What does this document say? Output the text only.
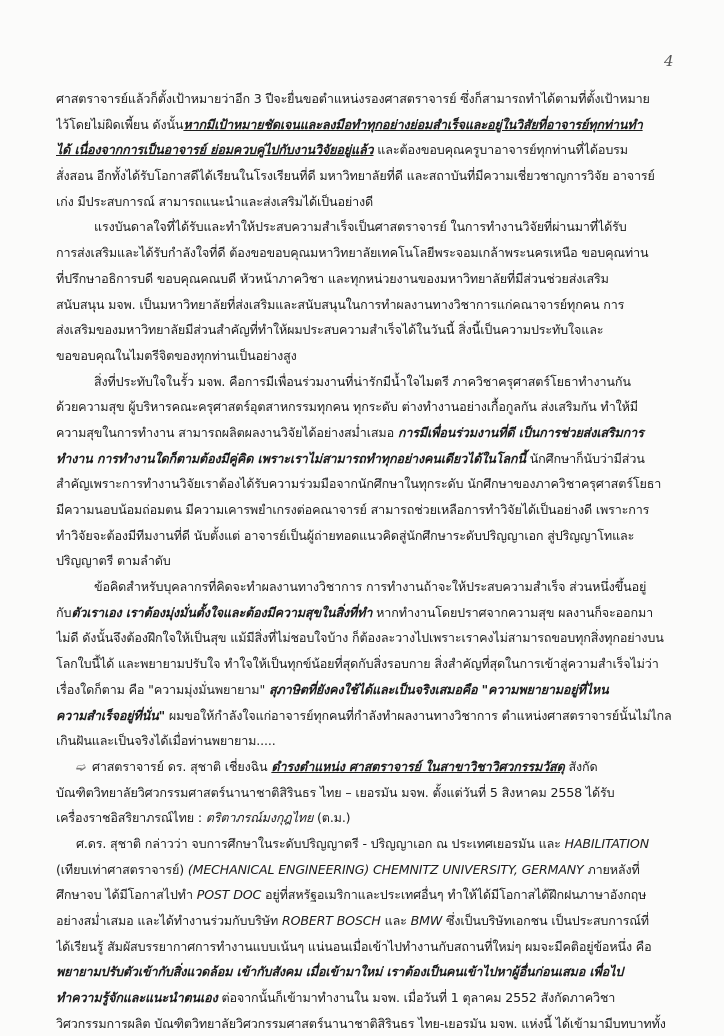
4
ศาสตราจารย์แล้วก็ตั้งเป้าหมายว่าอีก 3 ปีจะยื่นขอตำแหน่งรองศาสตราจารย์ ซึ่งก็สามารถทำได้ตามที่ตั้งเป้าหมาย
ไว้โดยไม่ผิดเพี้ยน ดังนั้นหากมีเป้าหมายชัดเจนและลงมือทำทุกอย่างย่อมสำเร็จและอยู่ในวิสัยที่อาจารย์ทุกท่านทำ
ได้ เนื่องจากการเป็นอาจารย์ ย่อมควบคู่ไปกับงานวิจัยอยู่แล้ว และต้องขอบคุณครูบาอาจารย์ทุกท่านที่ได้อบรม
สั่งสอน อีกทั้งได้รับโอกาสดีได้เรียนในโรงเรียนที่ดี มหาวิทยาลัยที่ดี และสถาบันที่มีความเชี่ยวชาญการวิจัย อาจารย์
เก่ง มีประสบการณ์ สามารถแนะนำและส่งเสริมได้เป็นอย่างดี
แรงบันดาลใจที่ได้รับและทำให้ประสบความสำเร็จเป็นศาสตราจารย์ ในการทำงานวิจัยที่ผ่านมาที่ได้รับ
การส่งเสริมและได้รับกำลังใจที่ดี ต้องขอขอบคุณมหาวิทยาลัยเทคโนโลยีพระจอมเกล้าพระนครเหนือ ขอบคุณท่าน
ที่ปรึกษาอธิการบดี ขอบคุณคณบดี หัวหน้าภาควิชา และทุกหน่วยงานของมหาวิทยาลัยที่มีส่วนช่วยส่งเสริม
สนับสนุน มจพ. เป็นมหาวิทยาลัยที่ส่งเสริมและสนับสนุนในการทำผลงานทางวิชาการแก่คณาจารย์ทุกคน การ
ส่งเสริมของมหาวิทยาลัยมีส่วนสำคัญที่ทำให้ผมประสบความสำเร็จได้ในวันนี้ สิ่งนี้เป็นความประทับใจและ
ขอขอบคุณในไมตรีจิตของทุกท่านเป็นอย่างสูง
สิ่งที่ประทับใจในรั้ว มจพ. คือการมีเพื่อนร่วมงานที่น่ารักมีน้ำใจไมตรี ภาควิชาครุศาสตร์โยธาทำงานกัน
ด้วยความสุข ผู้บริหารคณะครุศาสตร์อุตสาหกรรมทุกคน ทุกระดับ ต่างทำงานอย่างเกื้อกูลกัน ส่งเสริมกัน ทำให้มี
ความสุขในการทำงาน สามารถผลิตผลงานวิจัยได้อย่างสม่ำเสมอ การมีเพื่อนร่วมงานที่ดี เป็นการช่วยส่งเสริมการ
ทำงาน การทำงานใดก็ตามต้องมีคู่คิด เพราะเราไม่สามารถทำทุกอย่างคนเดียวได้ในโลกนี้ นักศึกษาก็นับว่ามีส่วน
สำคัญเพราะการทำงานวิจัยเราต้องได้รับความร่วมมือจากนักศึกษาในทุกระดับ นักศึกษาของภาควิชาครุศาสตร์โยธา
มีความนอบน้อมถ่อมตน มีความเคารพยำเกรงต่อคณาจารย์ สามารถช่วยเหลือการทำวิจัยได้เป็นอย่างดี เพราะการ
ทำวิจัยจะต้องมีทีมงานที่ดี นับตั้งแต่ อาจารย์เป็นผู้ถ่ายทอดแนวคิดสู่นักศึกษาระดับปริญญาเอก สู่ปริญญาโทและ
ปริญญาตรี ตามลำดับ
ข้อคิดสำหรับบุคลากรที่คิดจะทำผลงานทางวิชาการ การทำงานถ้าจะให้ประสบความสำเร็จ ส่วนหนึ่งขึ้นอยู่
กับตัวเราเอง เราต้องมุ่งมั่นตั้งใจและต้องมีความสุขในสิ่งที่ทำ หากทำงานโดยปราศจากความสุข ผลงานก็จะออกมา
ไม่ดี ดังนั้นจึงต้องฝึกใจให้เป็นสุข แม้มีสิ่งที่ไม่ชอบใจบ้าง ก็ต้องละวางไปเพราะเราคงไม่สามารถขอบทุกสิ่งทุกอย่างบน
โลกใบนี้ได้ และพยายามปรับใจ ทำใจให้เป็นทุกข์น้อยที่สุดกับสิ่งรอบกาย สิ่งสำคัญที่สุดในการเข้าสู่ความสำเร็จไม่ว่า
เรื่องใดก็ตาม คือ "ความมุ่งมั่นพยายาม" สุภาษิตที่ยังคงใช้ได้และเป็นจริงเสมอคือ "ความพยายามอยู่ที่ไหน
ความสำเร็จอยู่ที่นั่น" ผมขอให้กำลังใจแก่อาจารย์ทุกคนที่กำลังทำผลงานทางวิชาการ ตำแหน่งศาสตราจารย์นั้นไม่ไกล
เกินฝันและเป็นจริงได้เมื่อท่านพยายาม.....
➫ ศาสตราจารย์ ดร. สุชาติ เชี่ยงฉิน ดำรงตำแหน่ง ศาสตราจารย์ ในสาขาวิชาวิศวกรรมวัสดุ สังกัด
บัณฑิตวิทยาลัยวิศวกรรมศาสตร์นานาชาติสิรินธร ไทย – เยอรมัน มจพ. ตั้งแต่วันที่ 5 สิงหาคม 2558 ได้รับ
เครื่องราชอิสริยาภรณ์ไทย : ตริตาภรณ์มงกุฎไทย (ต.ม.)
ศ.ดร. สุชาติ กล่าวว่า จบการศึกษาในระดับปริญญาตรี - ปริญญาเอก ณ ประเทศเยอรมัน และ HABILITATION
(เทียบเท่าศาสตราจารย์) (MECHANICAL ENGINEERING) CHEMNITZ UNIVERSITY, GERMANY ภายหลังที่
ศึกษาจบ ได้มีโอกาสไปทำ POST DOC อยู่ที่สหรัฐอเมริกาและประเทศอื่นๆ ทำให้ได้มีโอกาสได้ฝึกฝนภาษาอังกฤษ
อย่างสม่ำเสมอ และได้ทำงานร่วมกับบริษัท ROBERT BOSCH และ BMW ซึ่งเป็นบริษัทเอกชน เป็นประสบการณ์ที่
ได้เรียนรู้ สัมผัสบรรยากาศการทำงานแบบเน้นๆ แน่นอนเมื่อเข้าไปทำงานกับสถานที่ใหม่ๆ ผมจะมีคติอยู่ข้อหนึ่ง คือ
พยายามปรับตัวเข้ากับสิ่งแวดล้อม เข้ากับสังคม เมื่อเข้ามาใหม่ เราต้องเป็นคนเข้าไปหาผู้อื่นก่อนเสมอ เพื่อไป
ทำความรู้จักและแนะนำตนเอง ต่อจากนั้นก็เข้ามาทำงานใน มจพ. เมื่อวันที่ 1 ตุลาคม 2552 สังกัดภาควิชา
วิศวกรรมการผลิต บัณฑิตวิทยาลัยวิศวกรรมศาสตร์นานาชาติสิรินธร ไทย-เยอรมัน มจพ. แห่งนี้ ได้เข้ามามีบทบาททั้ง
